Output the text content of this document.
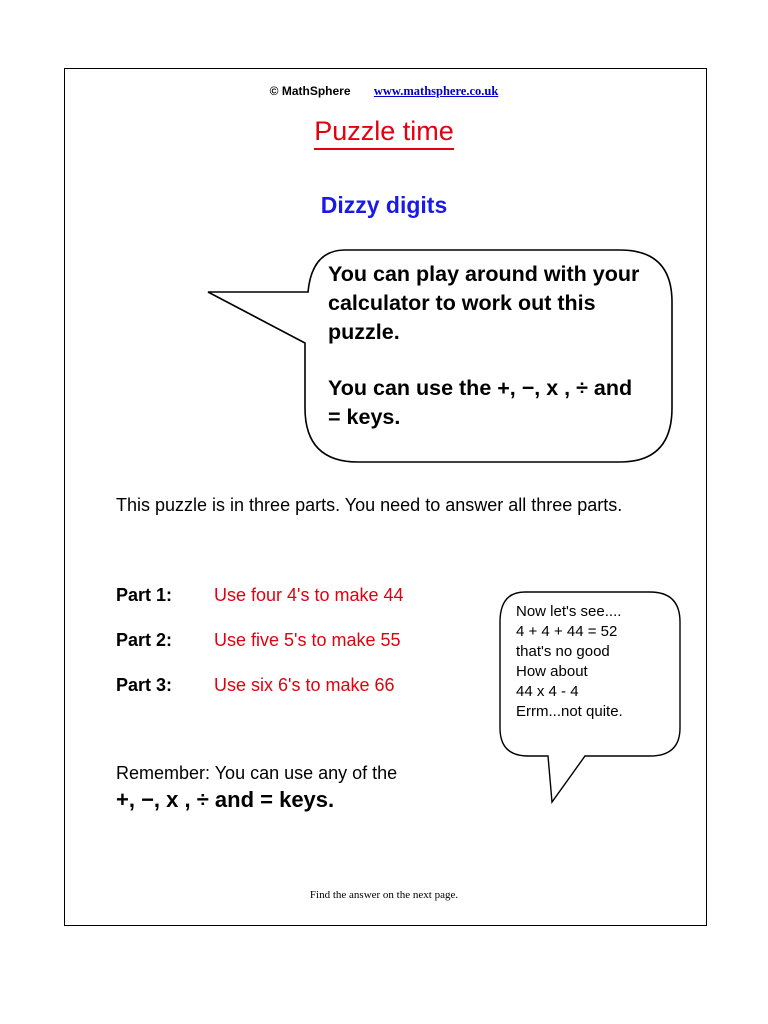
© MathSphere www.mathsphere.co.uk
Puzzle time
Dizzy digits

You can play around with your calculator to work out this puzzle.

You can use the +, −, x , ÷ and = keys.

This puzzle is in three parts. You need to answer all three parts.
Part 1:	Use four 4's to make 44
Part 2:	Use five 5's to make 55
Part 3:	Use six 6's to make 66
Now let's see....
4 + 4 + 44 = 52
that's no good
How about
44 x 4 - 4
Errm...not quite.
Remember: You can use any of the
+, −, x , ÷ and = keys.
Find the answer on the next page.
